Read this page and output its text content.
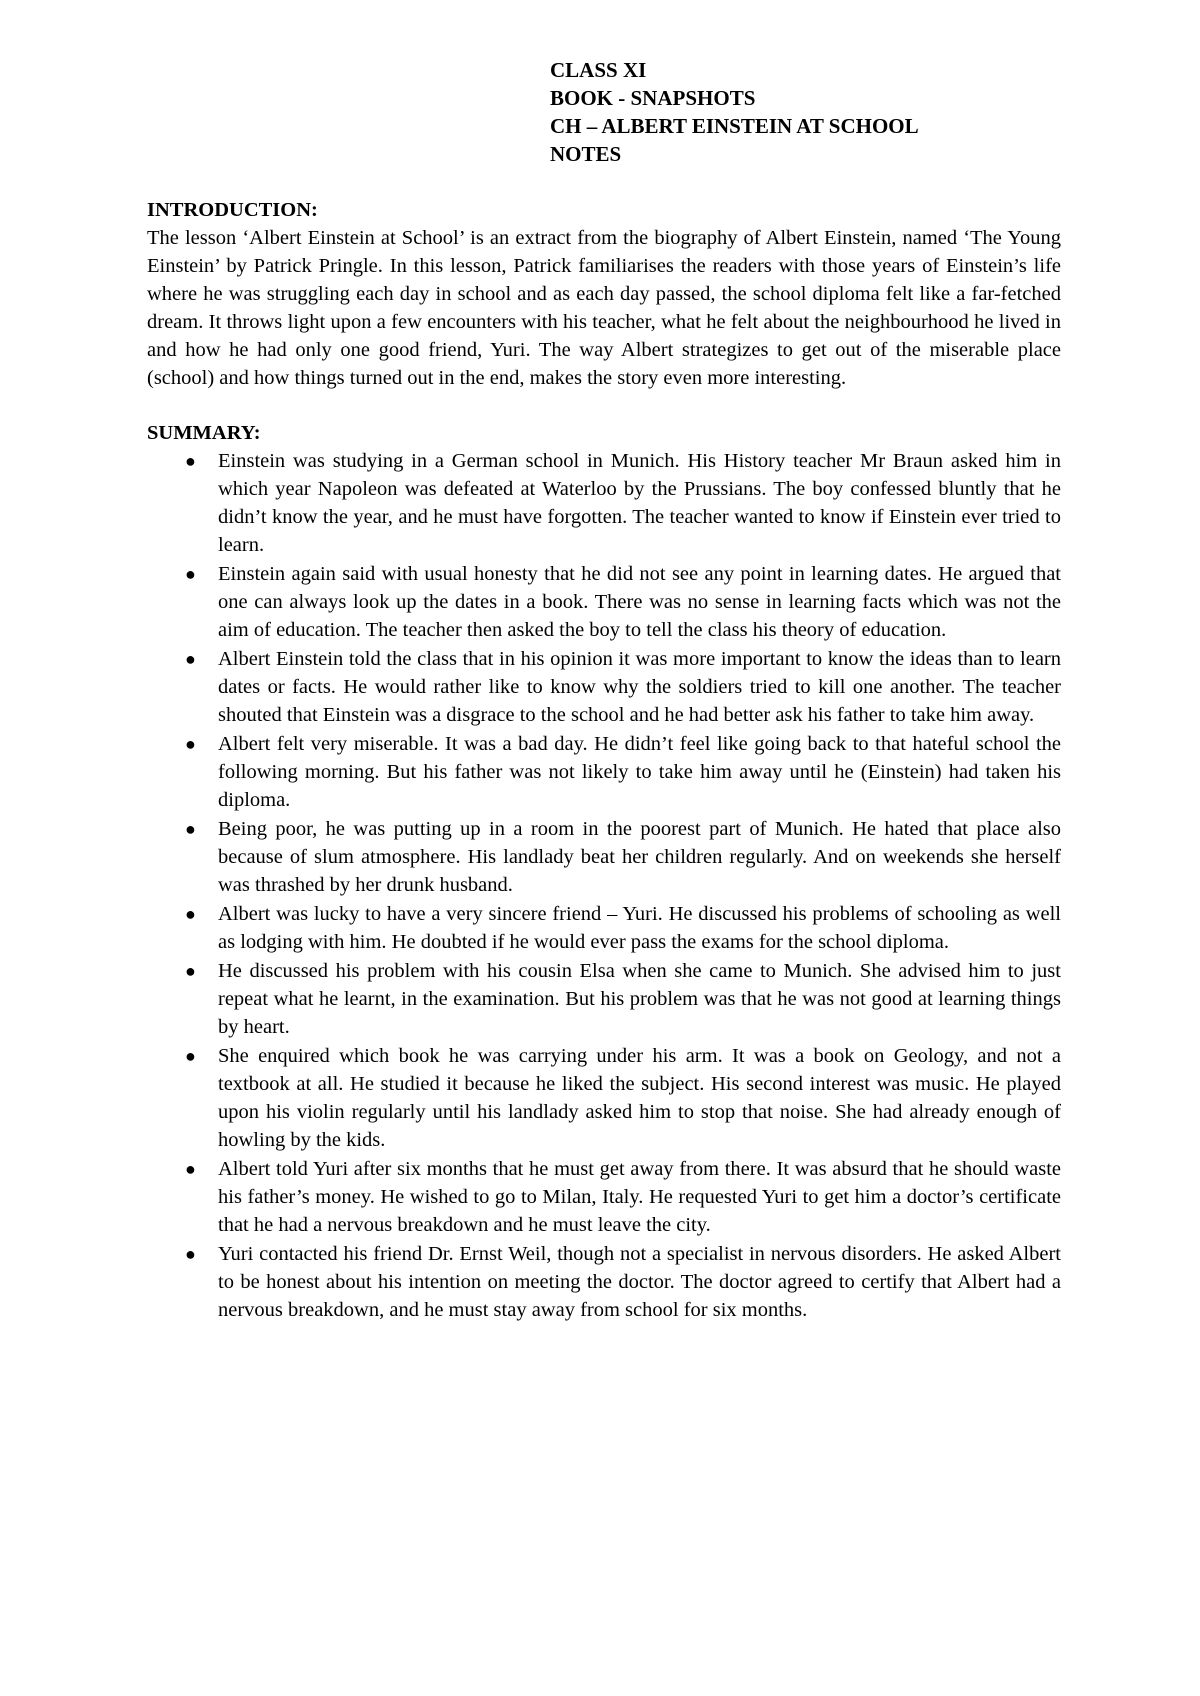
CLASS XI
BOOK - SNAPSHOTS
CH – ALBERT EINSTEIN AT SCHOOL
NOTES
INTRODUCTION:

The lesson ‘Albert Einstein at School’ is an extract from the biography of Albert Einstein, named ‘The Young Einstein’ by Patrick Pringle. In this lesson, Patrick familiarises the readers with those years of Einstein’s life where he was struggling each day in school and as each day passed, the school diploma felt like a far-fetched dream. It throws light upon a few encounters with his teacher, what he felt about the neighbourhood he lived in and how he had only one good friend, Yuri. The way Albert strategizes to get out of the miserable place (school) and how things turned out in the end, makes the story even more interesting.

SUMMARY:
● Einstein was studying in a German school in Munich. His History teacher Mr Braun asked him in which year Napoleon was defeated at Waterloo by the Prussians. The boy confessed bluntly that he didn’t know the year, and he must have forgotten. The teacher wanted to know if Einstein ever tried to learn.
● Einstein again said with usual honesty that he did not see any point in learning dates. He argued that one can always look up the dates in a book. There was no sense in learning facts which was not the aim of education. The teacher then asked the boy to tell the class his theory of education.
● Albert Einstein told the class that in his opinion it was more important to know the ideas than to learn dates or facts. He would rather like to know why the soldiers tried to kill one another. The teacher shouted that Einstein was a disgrace to the school and he had better ask his father to take him away.
● Albert felt very miserable. It was a bad day. He didn’t feel like going back to that hateful school the following morning. But his father was not likely to take him away until he (Einstein) had taken his diploma.
● Being poor, he was putting up in a room in the poorest part of Munich. He hated that place also because of slum atmosphere. His landlady beat her children regularly. And on weekends she herself was thrashed by her drunk husband.
● Albert was lucky to have a very sincere friend – Yuri. He discussed his problems of schooling as well as lodging with him. He doubted if he would ever pass the exams for the school diploma.
● He discussed his problem with his cousin Elsa when she came to Munich. She advised him to just repeat what he learnt, in the examination. But his problem was that he was not good at learning things by heart.
● She enquired which book he was carrying under his arm. It was a book on Geology, and not a textbook at all. He studied it because he liked the subject. His second interest was music. He played upon his violin regularly until his landlady asked him to stop that noise. She had already enough of howling by the kids.
● Albert told Yuri after six months that he must get away from there. It was absurd that he should waste his father’s money. He wished to go to Milan, Italy. He requested Yuri to get him a doctor’s certificate that he had a nervous breakdown and he must leave the city.
● Yuri contacted his friend Dr. Ernst Weil, though not a specialist in nervous disorders. He asked Albert to be honest about his intention on meeting the doctor. The doctor agreed to certify that Albert had a nervous breakdown, and he must stay away from school for six months.
